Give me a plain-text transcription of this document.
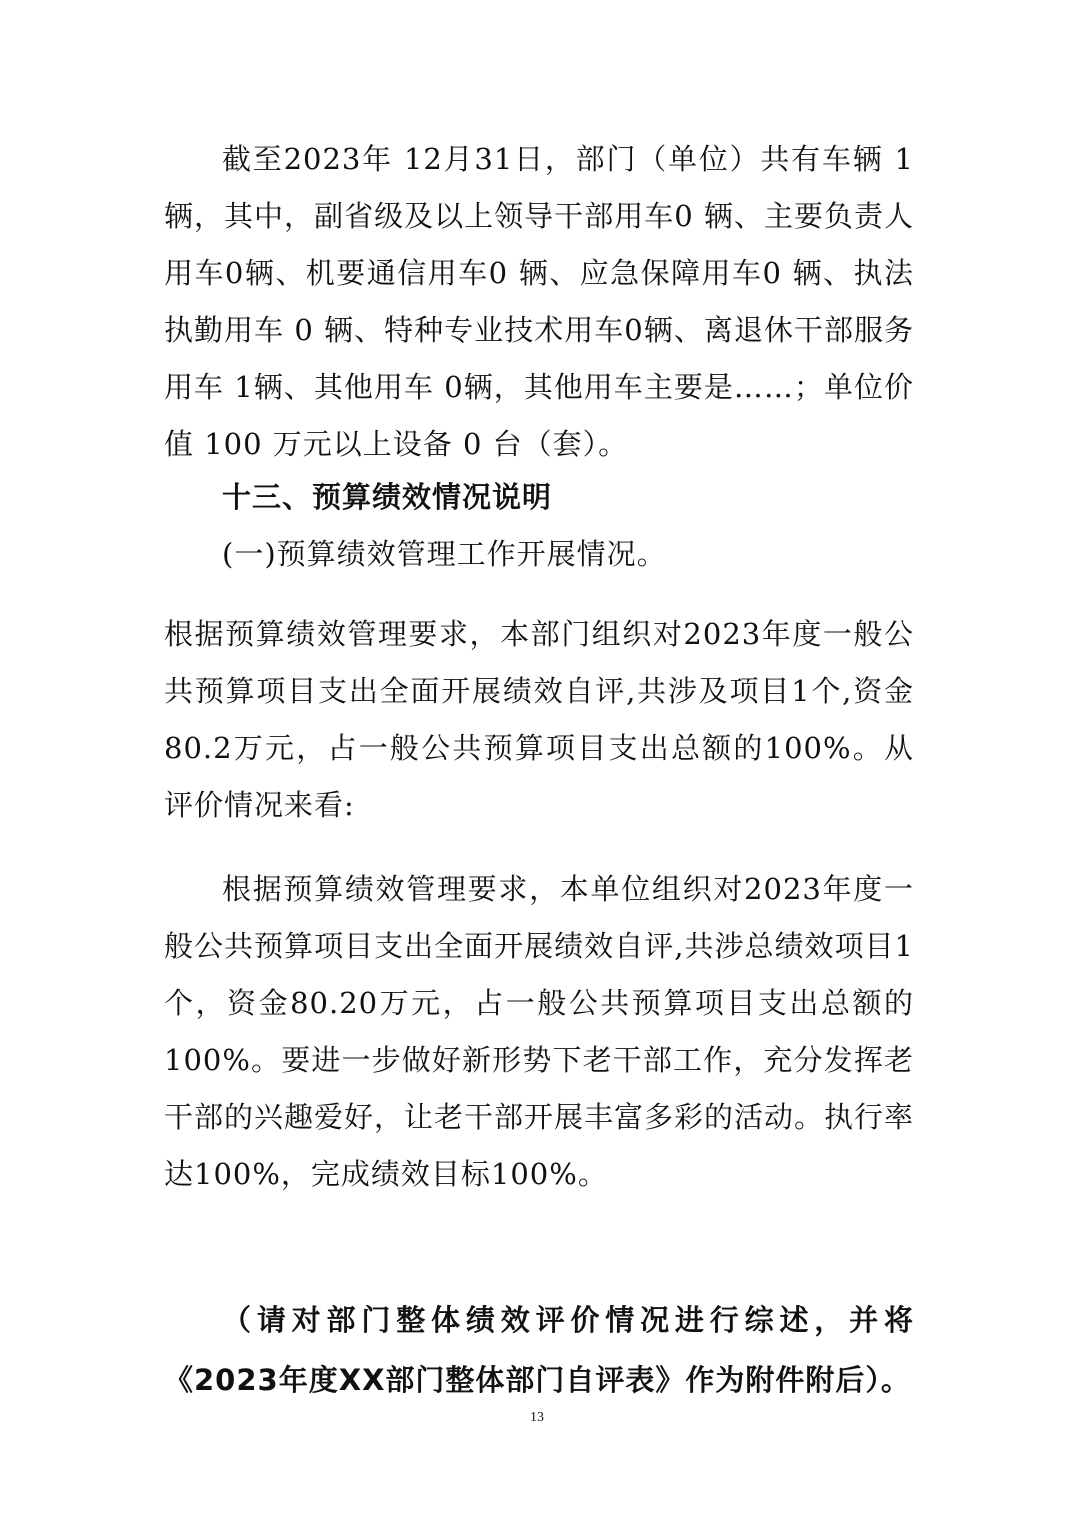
截至2023年 12月31日，部门（单位）共有车辆 1辆，其中，副省级及以上领导干部用车0 辆、主要负责人用车0辆、机要通信用车0 辆、应急保障用车0 辆、执法执勤用车 0 辆、特种专业技术用车0辆、离退休干部服务用车 1辆、其他用车 0辆，其他用车主要是……；单位价值 100 万元以上设备 0 台（套）。

十三、预算绩效情况说明

(一)预算绩效管理工作开展情况。

根据预算绩效管理要求，本部门组织对2023年度一般公共预算项目支出全面开展绩效自评,共涉及项目1个,资金80.2万元，占一般公共预算项目支出总额的100%。从评价情况来看:

根据预算绩效管理要求，本单位组织对2023年度一般公共预算项目支出全面开展绩效自评,共涉总绩效项目1个，资金80.20万元，占一般公共预算项目支出总额的100%。要进一步做好新形势下老干部工作，充分发挥老干部的兴趣爱好，让老干部开展丰富多彩的活动。执行率达100%，完成绩效目标100%。

（请对部门整体绩效评价情况进行综述，并将《2023年度XX部门整体部门自评表》作为附件附后）。

13
